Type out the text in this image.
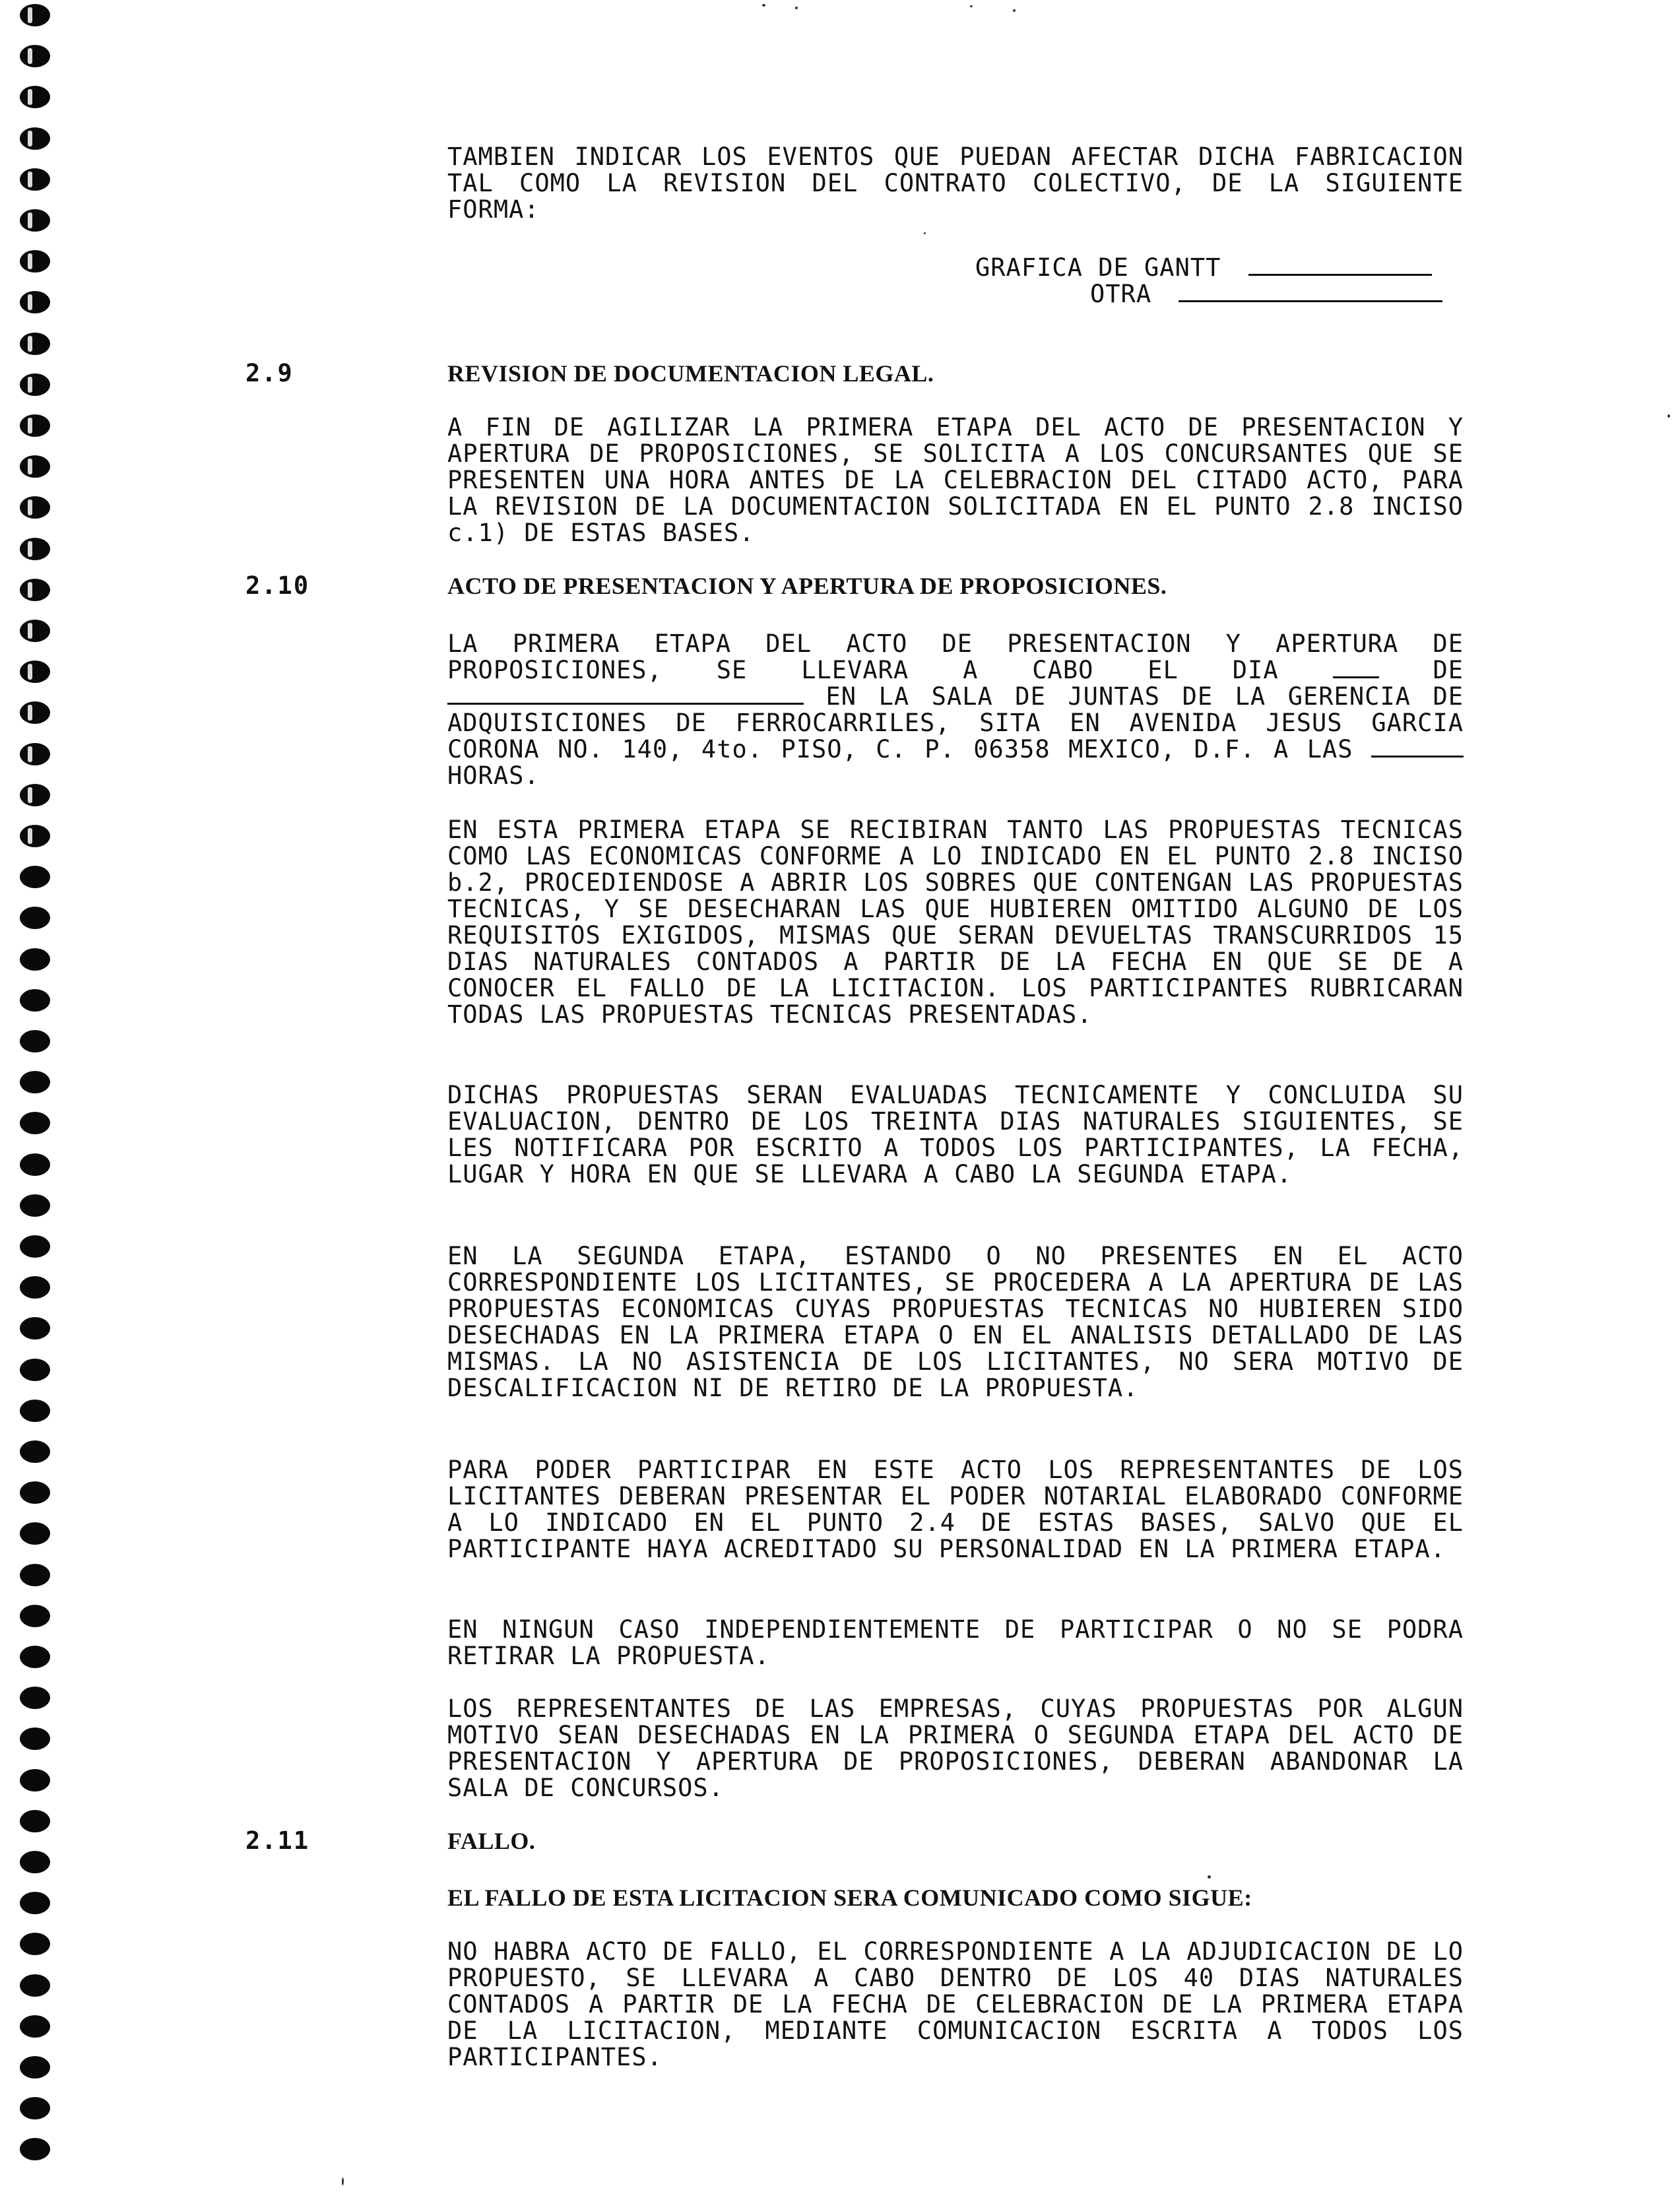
TAMBIEN INDICAR LOS EVENTOS QUE PUEDAN AFECTAR DICHA FABRICACION TAL COMO LA REVISION DEL CONTRATO COLECTIVO, DE LA SIGUIENTE FORMA:

GRAFICA DE GANTT
OTRA

2.9	REVISION DE DOCUMENTACION LEGAL.

A FIN DE AGILIZAR LA PRIMERA ETAPA DEL ACTO DE PRESENTACION Y APERTURA DE PROPOSICIONES, SE SOLICITA A LOS CONCURSANTES QUE SE PRESENTEN UNA HORA ANTES DE LA CELEBRACION DEL CITADO ACTO, PARA LA REVISION DE LA DOCUMENTACION SOLICITADA EN EL PUNTO 2.8 INCISO c.1) DE ESTAS BASES.

2.10	ACTO DE PRESENTACION Y APERTURA DE PROPOSICIONES.

LA PRIMERA ETAPA DEL ACTO DE PRESENTACION Y APERTURA DE PROPOSICIONES, SE LLEVARA A CABO EL DIA	DE  EN LA SALA DE JUNTAS DE LA GERENCIA DE ADQUISICIONES DE FERROCARRILES, SITA EN AVENIDA JESUS GARCIA CORONA NO. 140, 4to. PISO, C. P. 06358 MEXICO, D.F. A LAS  HORAS.

EN ESTA PRIMERA ETAPA SE RECIBIRAN TANTO LAS PROPUESTAS TECNICAS COMO LAS ECONOMICAS CONFORME A LO INDICADO EN EL PUNTO 2.8 INCISO b.2, PROCEDIENDOSE A ABRIR LOS SOBRES QUE CONTENGAN LAS PROPUESTAS TECNICAS, Y SE DESECHARAN LAS QUE HUBIEREN OMITIDO ALGUNO DE LOS REQUISITOS EXIGIDOS, MISMAS QUE SERAN DEVUELTAS TRANSCURRIDOS 15 DIAS NATURALES CONTADOS A PARTIR DE LA FECHA EN QUE SE DE A CONOCER EL FALLO DE LA LICITACION. LOS PARTICIPANTES RUBRICARAN TODAS LAS PROPUESTAS TECNICAS PRESENTADAS.

DICHAS PROPUESTAS SERAN EVALUADAS TECNICAMENTE Y CONCLUIDA SU EVALUACION, DENTRO DE LOS TREINTA DIAS NATURALES SIGUIENTES, SE LES NOTIFICARA POR ESCRITO A TODOS LOS PARTICIPANTES, LA FECHA, LUGAR Y HORA EN QUE SE LLEVARA A CABO LA SEGUNDA ETAPA.

EN LA SEGUNDA ETAPA, ESTANDO O NO PRESENTES EN EL ACTO CORRESPONDIENTE LOS LICITANTES, SE PROCEDERA A LA APERTURA DE LAS PROPUESTAS ECONOMICAS CUYAS PROPUESTAS TECNICAS NO HUBIEREN SIDO DESECHADAS EN LA PRIMERA ETAPA O EN EL ANALISIS DETALLADO DE LAS MISMAS. LA NO ASISTENCIA DE LOS LICITANTES, NO SERA MOTIVO DE DESCALIFICACION NI DE RETIRO DE LA PROPUESTA.

PARA PODER PARTICIPAR EN ESTE ACTO LOS REPRESENTANTES DE LOS LICITANTES DEBERAN PRESENTAR EL PODER NOTARIAL ELABORADO CONFORME A LO INDICADO EN EL PUNTO 2.4 DE ESTAS BASES, SALVO QUE EL PARTICIPANTE HAYA ACREDITADO SU PERSONALIDAD EN LA PRIMERA ETAPA.

EN NINGUN CASO INDEPENDIENTEMENTE DE PARTICIPAR O NO SE PODRA RETIRAR LA PROPUESTA.

LOS REPRESENTANTES DE LAS EMPRESAS, CUYAS PROPUESTAS POR ALGUN MOTIVO SEAN DESECHADAS EN LA PRIMERA O SEGUNDA ETAPA DEL ACTO DE PRESENTACION Y APERTURA DE PROPOSICIONES, DEBERAN ABANDONAR LA SALA DE CONCURSOS.

2.11	FALLO.

EL FALLO DE ESTA LICITACION SERA COMUNICADO COMO SIGUE:

NO HABRA ACTO DE FALLO, EL CORRESPONDIENTE A LA ADJUDICACION DE LO PROPUESTO, SE LLEVARA A CABO DENTRO DE LOS 40 DIAS NATURALES CONTADOS A PARTIR DE LA FECHA DE CELEBRACION DE LA PRIMERA ETAPA DE LA LICITACION, MEDIANTE COMUNICACION ESCRITA A TODOS LOS PARTICIPANTES.
